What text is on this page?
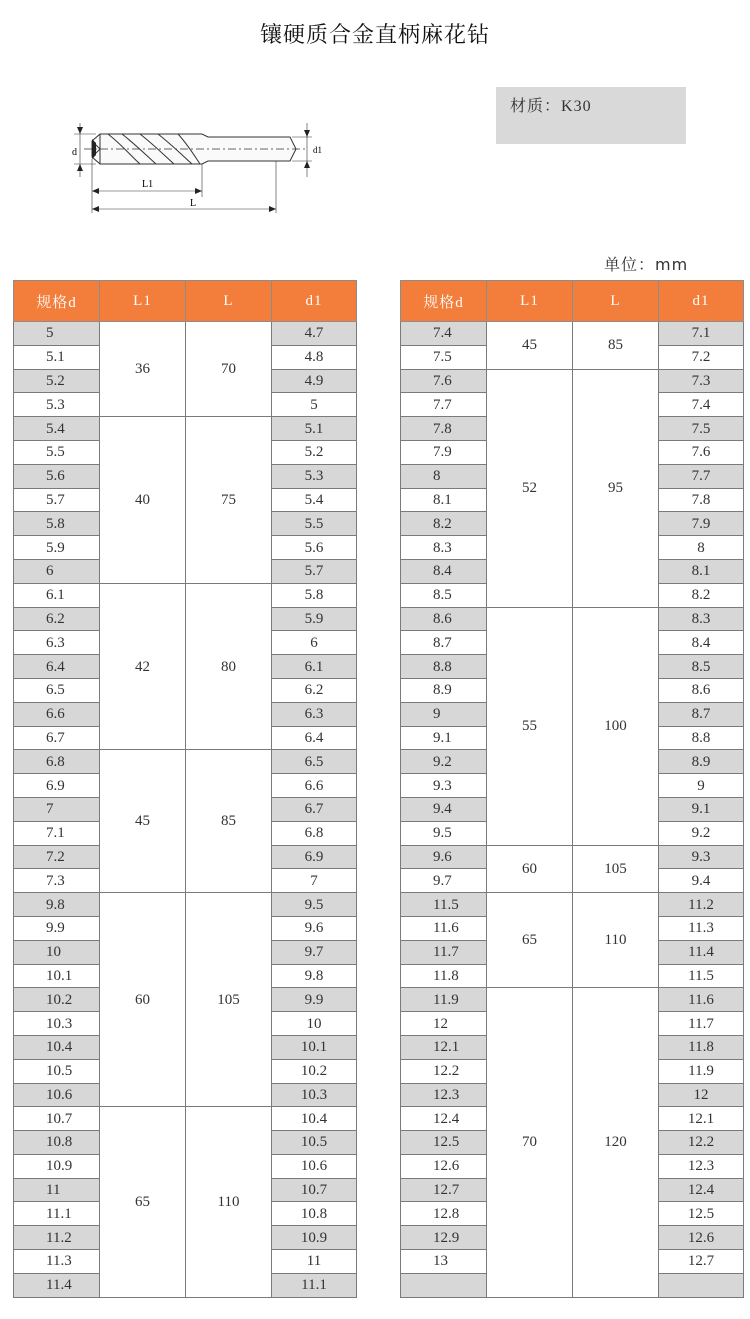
镶硬质合金直柄麻花钻
材质：K30
d	d1
L1
L
单位：mm
规格d	L1	L	d1
5	36	70	4.7
5.1			4.8
5.2			4.9
5.3			5
5.4	40	75	5.1
5.5			5.2
5.6			5.3
5.7			5.4
5.8			5.5
5.9			5.6
6			5.7
6.1	42	80	5.8
6.2			5.9
6.3			6
6.4			6.1
6.5			6.2
6.6			6.3
6.7			6.4
6.8	45	85	6.5
6.9			6.6
7			6.7
7.1			6.8
7.2			6.9
7.3			7
9.8	60	105	9.5
9.9			9.6
10			9.7
10.1			9.8
10.2			9.9
10.3			10
10.4			10.1
10.5			10.2
10.6			10.3
10.7	65	110	10.4
10.8			10.5
10.9			10.6
11			10.7
11.1			10.8
11.2			10.9
11.3			11
11.4			11.1
规格d	L1	L	d1
7.4	45	85	7.1
7.5			7.2
7.6	52	95	7.3
7.7			7.4
7.8			7.5
7.9			7.6
8			7.7
8.1			7.8
8.2			7.9
8.3			8
8.4			8.1
8.5			8.2
8.6	55	100	8.3
8.7			8.4
8.8			8.5
8.9			8.6
9			8.7
9.1			8.8
9.2			8.9
9.3			9
9.4			9.1
9.5			9.2
9.6	60	105	9.3
9.7			9.4
11.5	65	110	11.2
11.6			11.3
11.7			11.4
11.8			11.5
11.9	70	120	11.6
12			11.7
12.1			11.8
12.2			11.9
12.3			12
12.4			12.1
12.5			12.2
12.6			12.3
12.7			12.4
12.8			12.5
12.9			12.6
13			12.7
